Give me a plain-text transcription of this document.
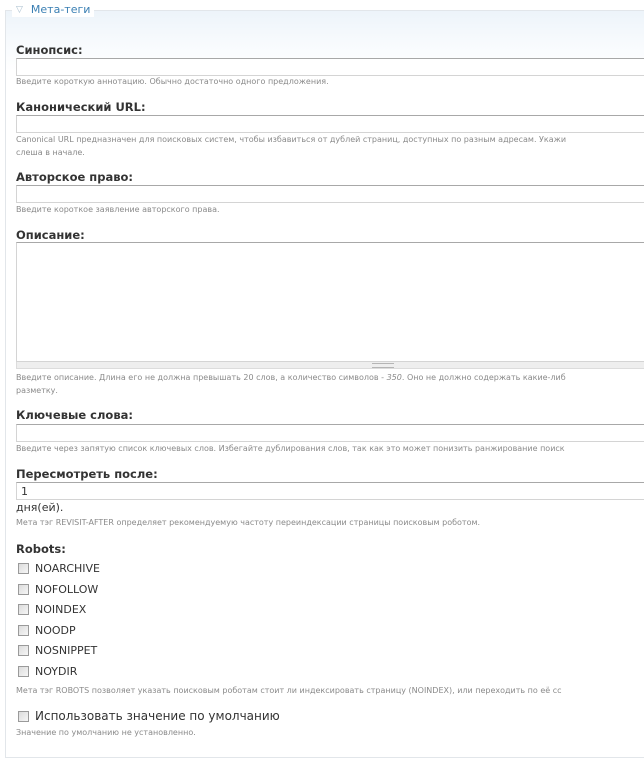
▽ Мета-теги
Синопсис:
Введите короткую аннотацию. Обычно достаточно одного предложения.
Канонический URL:
Canonical URL предназначен для поисковых систем, чтобы избавиться от дублей страниц, доступных по разным адресам. Укажи
слеша в начале.
Авторское право:
Введите короткое заявление авторского права.
Описание:
Введите описание. Длина его не должна превышать 20 слов, а количество символов - 350. Оно не должно содержать какие-либ
разметку.
Ключевые слова:
Введите через запятую список ключевых слов. Избегайте дублирования слов, так как это может понизить ранжирование поиск
Пересмотреть после:
1
дня(ей).
Мета тэг REVISIT-AFTER определяет рекомендуемую частоту переиндексации страницы поисковым роботом.
Robots:
NOARCHIVE
NOFOLLOW
NOINDEX
NOODP
NOSNIPPET
NOYDIR
Мета тэг ROBOTS позволяет указать поисковым роботам стоит ли индексировать страницу (NOINDEX), или переходить по её сс
Использовать значение по умолчанию
Значение по умолчанию не установленно.
